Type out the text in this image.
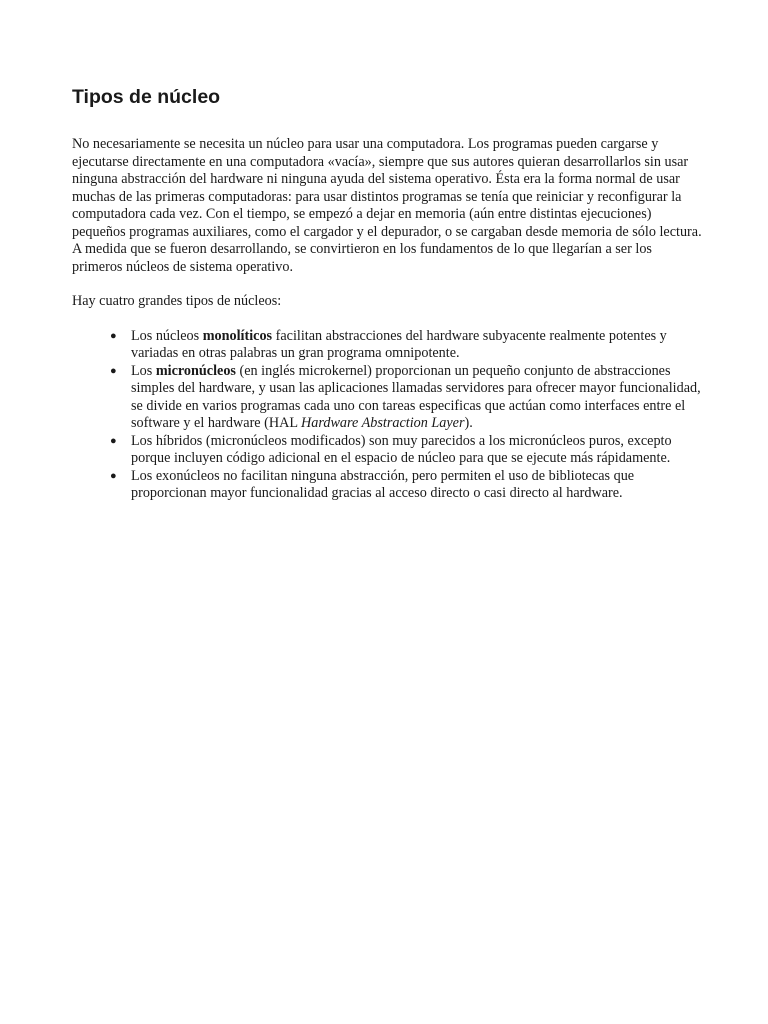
Tipos de núcleo

No necesariamente se necesita un núcleo para usar una computadora. Los programas pueden cargarse y ejecutarse directamente en una computadora «vacía», siempre que sus autores quieran desarrollarlos sin usar ninguna abstracción del hardware ni ninguna ayuda del sistema operativo. Ésta era la forma normal de usar muchas de las primeras computadoras: para usar distintos programas se tenía que reiniciar y reconfigurar la computadora cada vez. Con el tiempo, se empezó a dejar en memoria (aún entre distintas ejecuciones) pequeños programas auxiliares, como el cargador y el depurador, o se cargaban desde memoria de sólo lectura. A medida que se fueron desarrollando, se convirtieron en los fundamentos de lo que llegarían a ser los primeros núcleos de sistema operativo.

Hay cuatro grandes tipos de núcleos:

● Los núcleos monolíticos facilitan abstracciones del hardware subyacente realmente potentes y variadas en otras palabras un gran programa omnipotente.
● Los micronúcleos (en inglés microkernel) proporcionan un pequeño conjunto de abstracciones simples del hardware, y usan las aplicaciones llamadas servidores para ofrecer mayor funcionalidad, se divide en varios programas cada uno con tareas especificas que actúan como interfaces entre el software y el hardware (HAL Hardware Abstraction Layer).
● Los híbridos (micronúcleos modificados) son muy parecidos a los micronúcleos puros, excepto porque incluyen código adicional en el espacio de núcleo para que se ejecute más rápidamente.
● Los exonúcleos no facilitan ninguna abstracción, pero permiten el uso de bibliotecas que proporcionan mayor funcionalidad gracias al acceso directo o casi directo al hardware.
